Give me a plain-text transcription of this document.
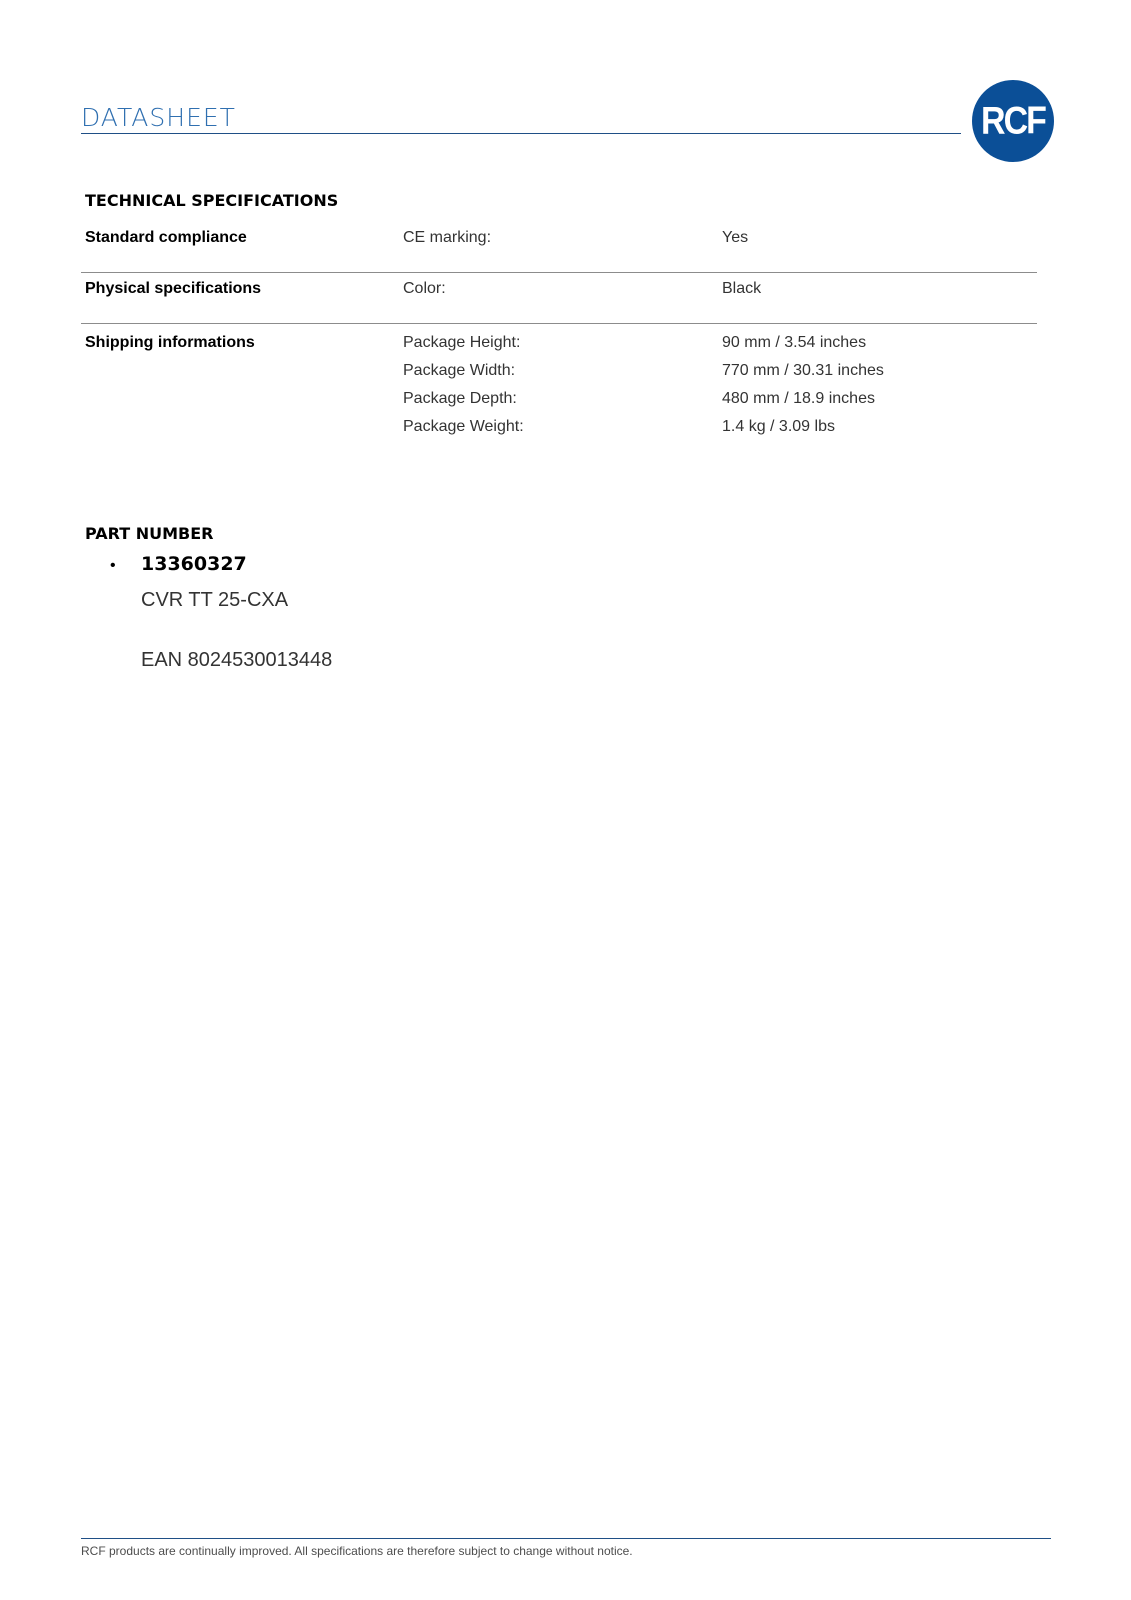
DATASHEET	RCF
TECHNICAL SPECIFICATIONS
Standard compliance	CE marking:	Yes
Physical specifications	Color:	Black
Shipping informations	Package Height:	90 mm / 3.54 inches
Package Width:	770 mm / 30.31 inches
Package Depth:	480 mm / 18.9 inches
Package Weight:	1.4 kg / 3.09 lbs
PART NUMBER
• 13360327
CVR TT 25-CXA
EAN 8024530013448
RCF products are continually improved. All specifications are therefore subject to change without notice.
